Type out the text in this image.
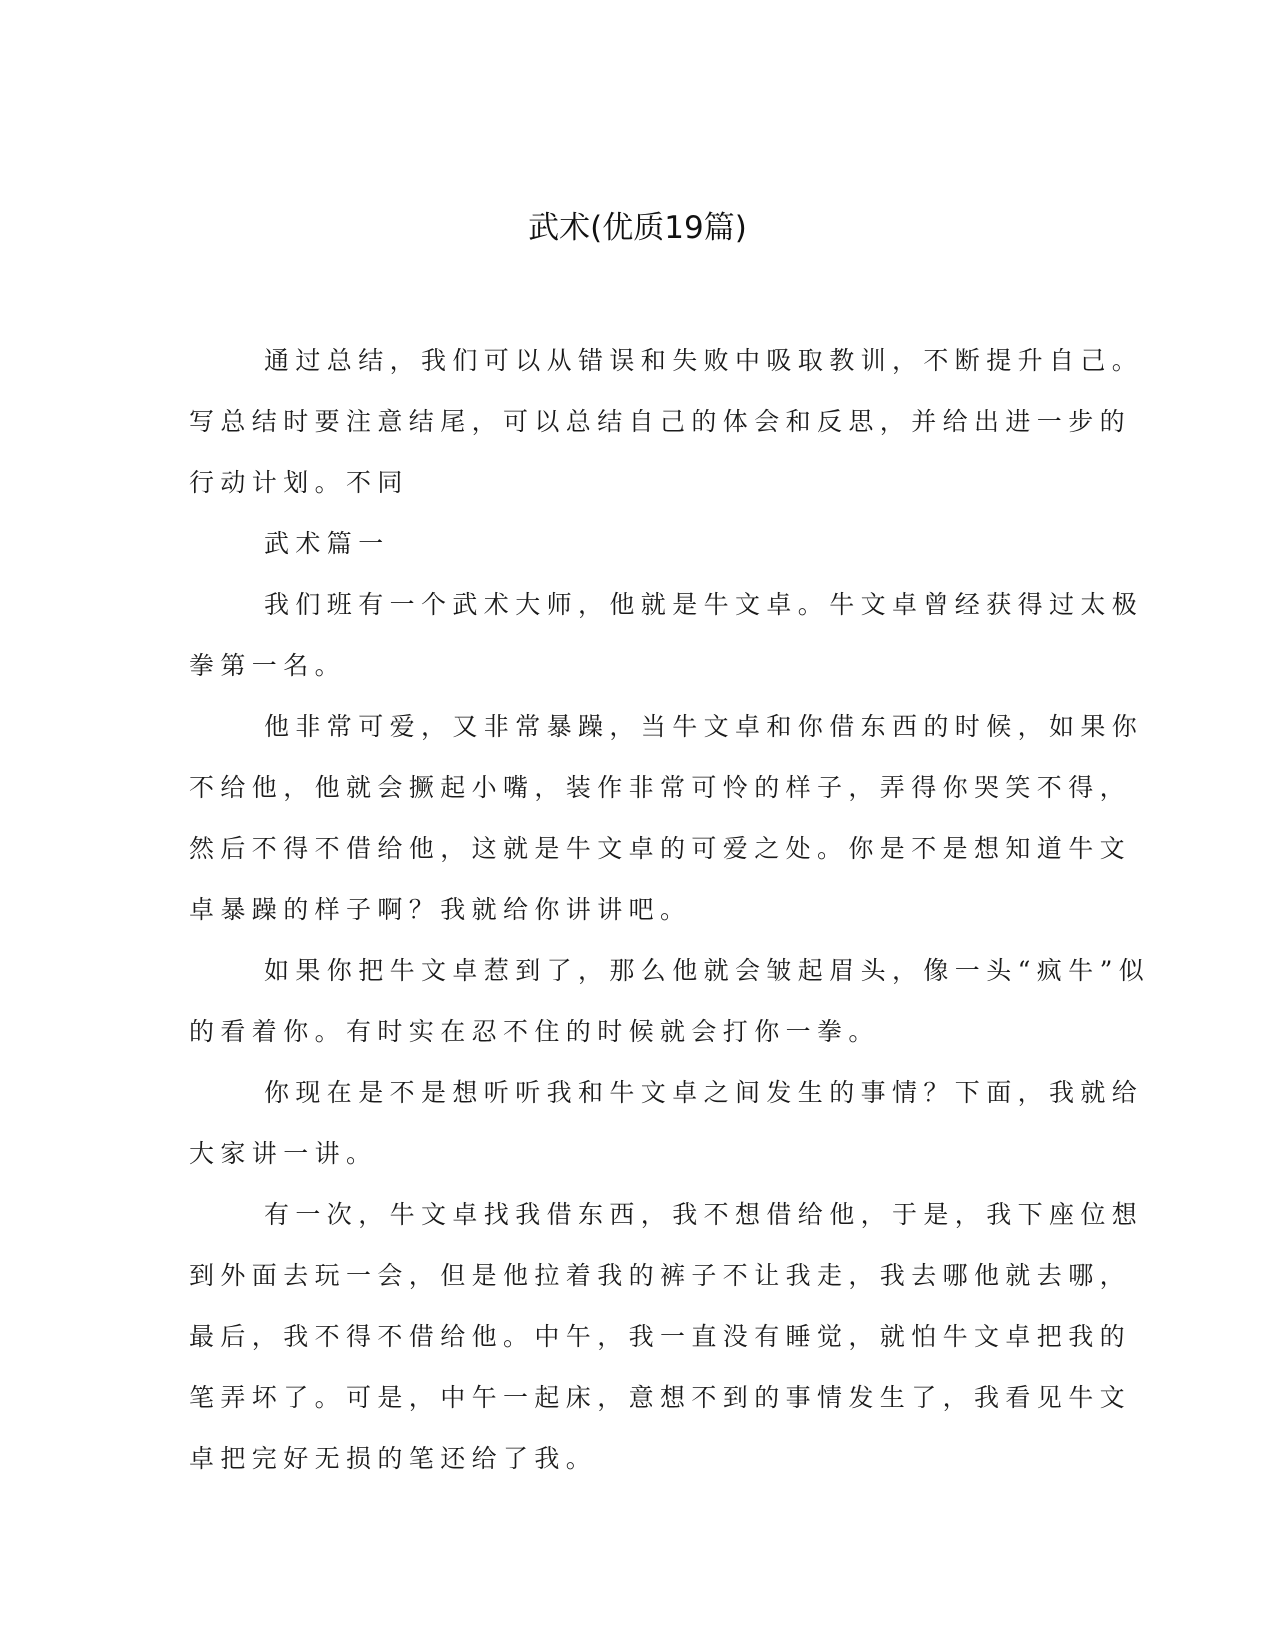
武术(优质19篇)

通过总结，我们可以从错误和失败中吸取教训，不断提升自己。
写总结时要注意结尾，可以总结自己的体会和反思，并给出进一步的
行动计划。不同

武术篇一

我们班有一个武术大师，他就是牛文卓。牛文卓曾经获得过太极
拳第一名。

他非常可爱，又非常暴躁，当牛文卓和你借东西的时候，如果你
不给他，他就会撅起小嘴，装作非常可怜的样子，弄得你哭笑不得，
然后不得不借给他，这就是牛文卓的可爱之处。你是不是想知道牛文
卓暴躁的样子啊？我就给你讲讲吧。

如果你把牛文卓惹到了，那么他就会皱起眉头，像一头“疯牛”似
的看着你。有时实在忍不住的时候就会打你一拳。

你现在是不是想听听我和牛文卓之间发生的事情？下面，我就给
大家讲一讲。

有一次，牛文卓找我借东西，我不想借给他，于是，我下座位想
到外面去玩一会，但是他拉着我的裤子不让我走，我去哪他就去哪，
最后，我不得不借给他。中午，我一直没有睡觉，就怕牛文卓把我的
笔弄坏了。可是，中午一起床，意想不到的事情发生了，我看见牛文
卓把完好无损的笔还给了我。
